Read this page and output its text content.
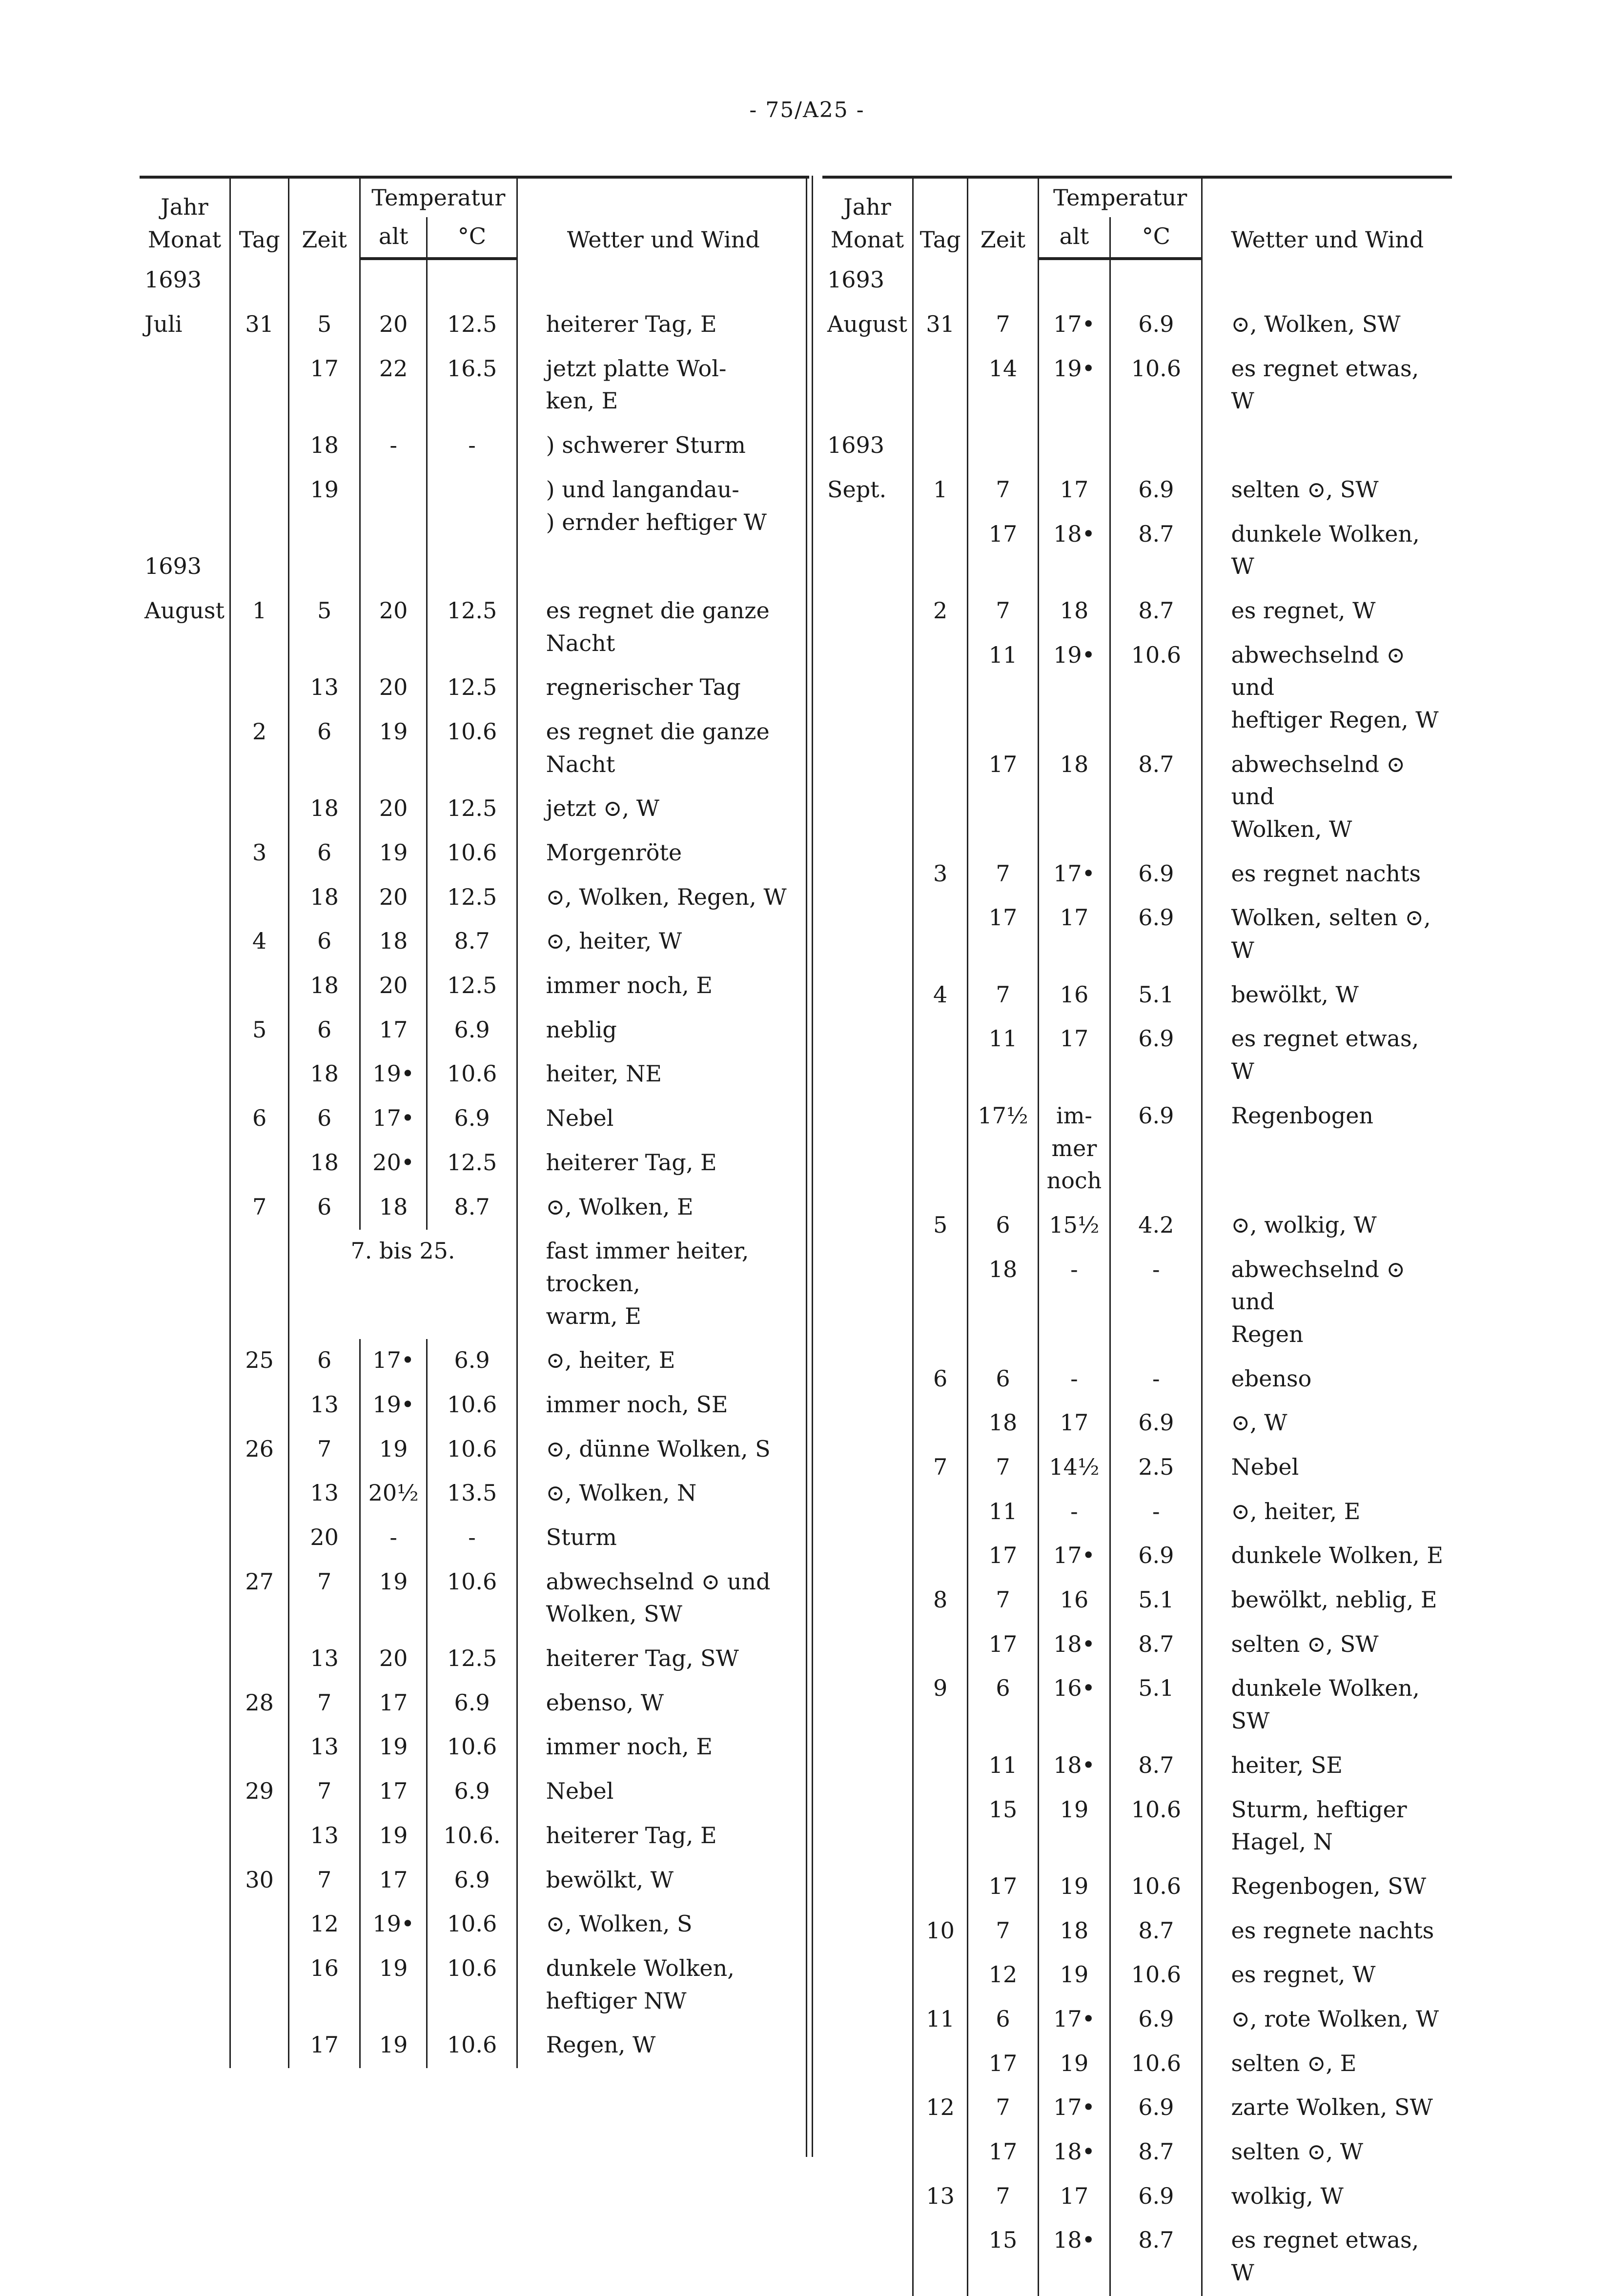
- 75/A25 -
Jahr
Monat	Tag	Zeit	Temperatur		Wetter und Wind
			alt	°C	
1693					
Juli	31	5	20	12.5	heiterer Tag, E
		17	22	16.5	jetzt platte Wol-
ken, E
		18	-	-	) schwerer Sturm
		19			) und langandau-
) ernder heftiger W
1693					
August	1	5	20	12.5	es regnet die ganze
Nacht
		13	20	12.5	regnerischer Tag
	2	6	19	10.6	es regnet die ganze
Nacht
		18	20	12.5	jetzt ⊙, W
	3	6	19	10.6	Morgenröte
		18	20	12.5	⊙, Wolken, Regen, W
	4	6	18	8.7	⊙, heiter, W
		18	20	12.5	immer noch, E
	5	6	17	6.9	neblig
		18	19•	10.6	heiter, NE
	6	6	17•	6.9	Nebel
		18	20•	12.5	heiterer Tag, E
	7	6	18	8.7	⊙, Wolken, E
		7. bis 25.			fast immer heiter, trocken,
warm, E
	25	6	17•	6.9	⊙, heiter, E
		13	19•	10.6	immer noch, SE
	26	7	19	10.6	⊙, dünne Wolken, S
		13	20½	13.5	⊙, Wolken, N
		20	-	-	Sturm
	27	7	19	10.6	abwechselnd ⊙ und
Wolken, SW
		13	20	12.5	heiterer Tag, SW
	28	7	17	6.9	ebenso, W
		13	19	10.6	immer noch, E
	29	7	17	6.9	Nebel
		13	19	10.6.	heiterer Tag, E
	30	7	17	6.9	bewölkt, W
		12	19•	10.6	⊙, Wolken, S
		16	19	10.6	dunkele Wolken,
heftiger NW
		17	19	10.6	Regen, W
Jahr
Monat	Tag	Zeit	Temperatur		Wetter und Wind
			alt	°C	
1693					
August	31	7	17•	6.9	⊙, Wolken, SW
		14	19•	10.6	es regnet etwas, W
1693					
Sept.	1	7	17	6.9	selten ⊙, SW
		17	18•	8.7	dunkele Wolken, W
	2	7	18	8.7	es regnet, W
		11	19•	10.6	abwechselnd ⊙ und
heftiger Regen, W
		17	18	8.7	abwechselnd ⊙ und
Wolken, W
	3	7	17•	6.9	es regnet nachts
		17	17	6.9	Wolken, selten ⊙, W
	4	7	16	5.1	bewölkt, W
		11	17	6.9	es regnet etwas, W
		17½	im-
mer
noch	6.9	Regenbogen
	5	6	15½	4.2	⊙, wolkig, W
		18	-	-	abwechselnd ⊙ und
Regen
	6	6	-	-	ebenso
		18	17	6.9	⊙, W
	7	7	14½	2.5	Nebel
		11	-	-	⊙, heiter, E
		17	17•	6.9	dunkele Wolken, E
	8	7	16	5.1	bewölkt, neblig, E
		17	18•	8.7	selten ⊙, SW
	9	6	16•	5.1	dunkele Wolken, SW
		11	18•	8.7	heiter, SE
		15	19	10.6	Sturm, heftiger
Hagel, N
		17	19	10.6	Regenbogen, SW
	10	7	18	8.7	es regnete nachts
		12	19	10.6	es regnet, W
	11	6	17•	6.9	⊙, rote Wolken, W
		17	19	10.6	selten ⊙, E
	12	7	17•	6.9	zarte Wolken, SW
		17	18•	8.7	selten ⊙, W
	13	7	17	6.9	wolkig, W
		15	18•	8.7	es regnet etwas, W
